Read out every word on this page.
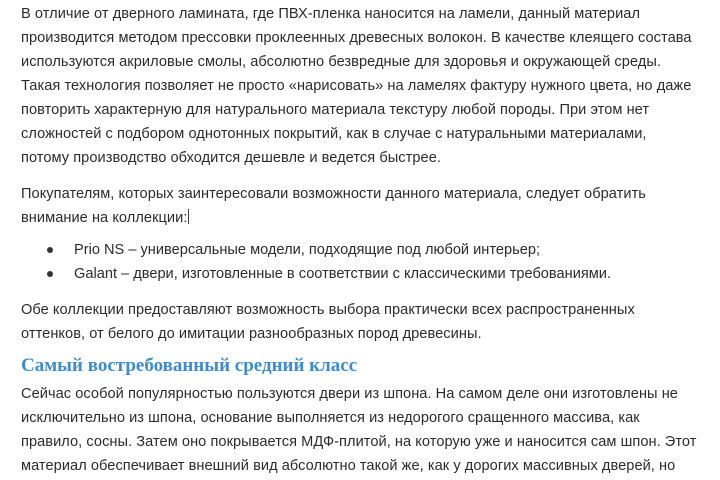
В отличие от дверного ламината, где ПВХ-пленка наносится на ламели, данный материал
производится методом прессовки проклеенных древесных волокон. В качестве клеящего состава
используются акриловые смолы, абсолютно безвредные для здоровья и окружающей среды.
Такая технология позволяет не просто «нарисовать» на ламелях фактуру нужного цвета, но даже
повторить характерную для натурального материала текстуру любой породы. При этом нет
сложностей с подбором однотонных покрытий, как в случае с натуральными материалами,
потому производство обходится дешевле и ведется быстрее.
Покупателям, которых заинтересовали возможности данного материала, следует обратить
внимание на коллекции:
Prio NS – универсальные модели, подходящие под любой интерьер;
Galant – двери, изготовленные в соответствии с классическими требованиями.
Обе коллекции предоставляют возможность выбора практически всех распространенных
оттенков, от белого до имитации разнообразных пород древесины.
Самый востребованный средний класс
Сейчас особой популярностью пользуются двери из шпона. На самом деле они изготовлены не
исключительно из шпона, основание выполняется из недорогого сращенного массива, как
правило, сосны. Затем оно покрывается МДФ-плитой, на которую уже и наносится сам шпон. Этот
материал обеспечивает внешний вид абсолютно такой же, как у дорогих массивных дверей, но
